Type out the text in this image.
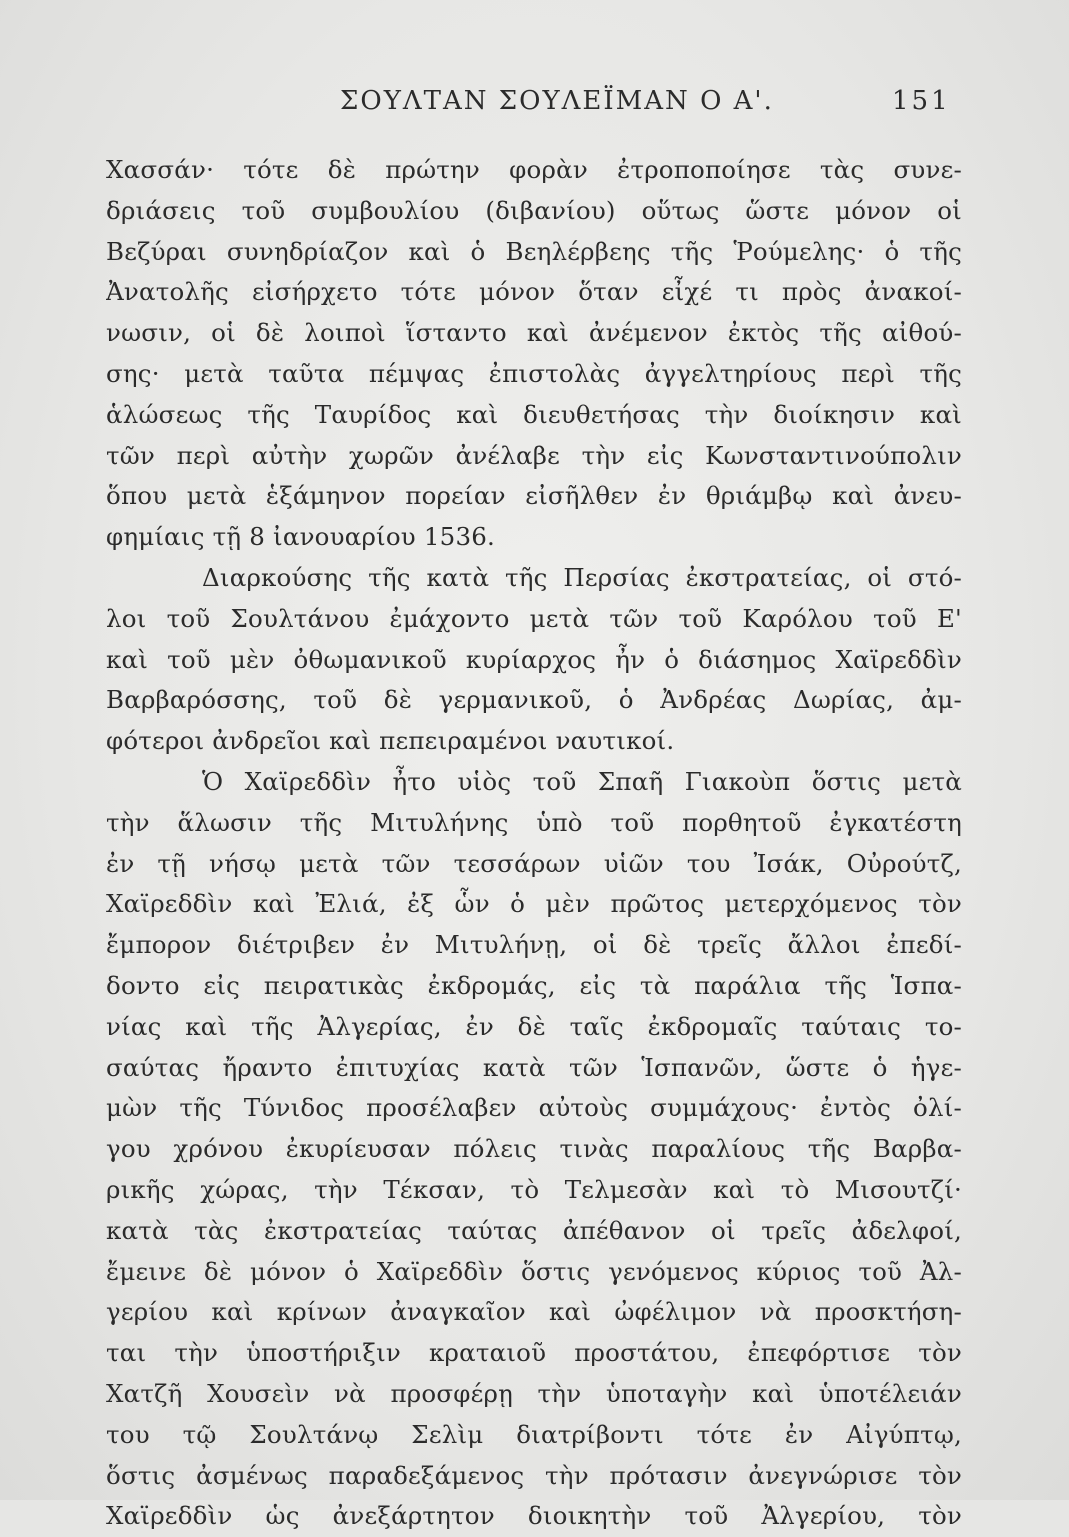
ΣΟΥΛΤΑΝ ΣΟΥΛΕΪΜΑΝ Ο Α'.	151
Χασσάν· τότε δὲ πρώτην φορὰν ἐτροποποίησε τὰς συνε-
δριάσεις τοῦ συμβουλίου (διβανίου) οὕτως ὥστε μόνον οἱ
Βεζύραι συνηδρίαζον καὶ ὁ Βεηλέρβεης τῆς Ῥούμελης· ὁ τῆς
Ἀνατολῆς εἰσήρχετο τότε μόνον ὅταν εἶχέ τι πρὸς ἀνακοί-
νωσιν, οἱ δὲ λοιποὶ ἵσταντο καὶ ἀνέμενον ἐκτὸς τῆς αἰθού-
σης· μετὰ ταῦτα πέμψας ἐπιστολὰς ἀγγελτηρίους περὶ τῆς
ἁλώσεως τῆς Ταυρίδος καὶ διευθετήσας τὴν διοίκησιν καὶ
τῶν περὶ αὐτὴν χωρῶν ἀνέλαβε τὴν εἰς Κωνσταντινούπολιν
ὅπου μετὰ ἑξάμηνον πορείαν εἰσῆλθεν ἐν θριάμβῳ καὶ ἀνευ-
φημίαις τῇ 8 ἰανουαρίου 1536.
Διαρκούσης τῆς κατὰ τῆς Περσίας ἐκστρατείας, οἱ στό-
λοι τοῦ Σουλτάνου ἐμάχοντο μετὰ τῶν τοῦ Καρόλου τοῦ Ε'
καὶ τοῦ μὲν ὀθωμανικοῦ κυρίαρχος ἦν ὁ διάσημος Χαϊρεδδὶν
Βαρβαρόσσης, τοῦ δὲ γερμανικοῦ, ὁ Ἀνδρέας Δωρίας, ἀμ-
φότεροι ἀνδρεῖοι καὶ πεπειραμένοι ναυτικοί.
Ὁ Χαϊρεδδὶν ἦτο υἱὸς τοῦ Σπαῆ Γιακοὺπ ὅστις μετὰ
τὴν ἅλωσιν τῆς Μιτυλήνης ὑπὸ τοῦ πορθητοῦ ἐγκατέστη
ἐν τῇ νήσῳ μετὰ τῶν τεσσάρων υἱῶν του Ἰσάκ, Οὐρούτζ,
Χαϊρεδδὶν καὶ Ἐλιά, ἐξ ὧν ὁ μὲν πρῶτος μετερχόμενος τὸν
ἔμπορον διέτριβεν ἐν Μιτυλήνῃ, οἱ δὲ τρεῖς ἄλλοι ἐπεδί-
δοντο εἰς πειρατικὰς ἐκδρομάς, εἰς τὰ παράλια τῆς Ἱσπα-
νίας καὶ τῆς Ἀλγερίας, ἐν δὲ ταῖς ἐκδρομαῖς ταύταις το-
σαύτας ἤραντο ἐπιτυχίας κατὰ τῶν Ἱσπανῶν, ὥστε ὁ ἡγε-
μὼν τῆς Τύνιδος προσέλαβεν αὐτοὺς συμμάχους· ἐντὸς ὀλί-
γου χρόνου ἐκυρίευσαν πόλεις τινὰς παραλίους τῆς Βαρβα-
ρικῆς χώρας, τὴν Τέκσαν, τὸ Τελμεσὰν καὶ τὸ Μισουτζί·
κατὰ τὰς ἐκστρατείας ταύτας ἀπέθανον οἱ τρεῖς ἀδελφοί,
ἔμεινε δὲ μόνον ὁ Χαϊρεδδὶν ὅστις γενόμενος κύριος τοῦ Ἀλ-
γερίου καὶ κρίνων ἀναγκαῖον καὶ ὠφέλιμον νὰ προσκτήση-
ται τὴν ὑποστήριξιν κραταιοῦ προστάτου, ἐπεφόρτισε τὸν
Χατζῆ Χουσεὶν νὰ προσφέρῃ τὴν ὑποταγὴν καὶ ὑποτέλειάν
του τῷ Σουλτάνῳ Σελὶμ διατρίβοντι τότε ἐν Αἰγύπτῳ,
ὅστις ἀσμένως παραδεξάμενος τὴν πρότασιν ἀνεγνώρισε τὸν
Χαϊρεδδὶν ὡς ἀνεξάρτητον διοικητὴν τοῦ Ἀλγερίου, τὸν
